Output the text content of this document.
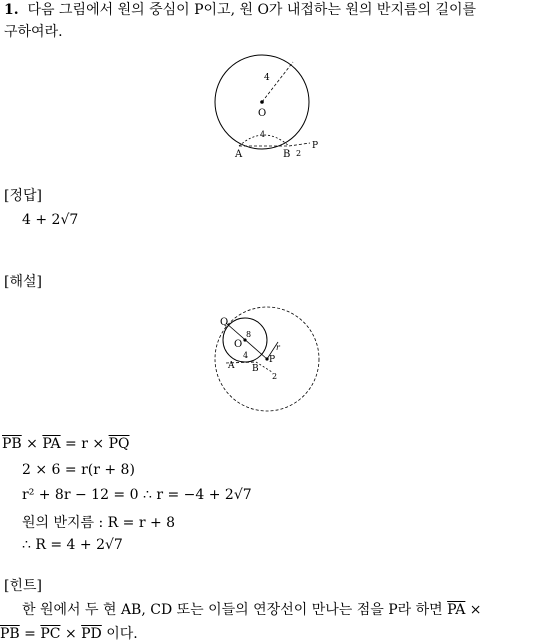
1. 다음 그림에서 원의 중심이 P이고, 원 O가 내접하는 원의 반지름의 길이를
구하여라.
4
O
4
A	B
P
2
[정답]
4 + 2√7
[해설]
Q
O
8
r
4
A B
P
2
$\overline{PB} \times \overline{PA} = r \times \overline{PQ}$
2 × 6 = r(r + 8)
r² + 8r − 12 = 0 ∴ r = −4 + 2√7
원의 반지름 : R = r + 8
∴ R = 4 + 2√7
[힌트]
한 원에서 두 현 AB, CD 또는 이들의 연장선이 만나는 점을 P라 하면 $\overline{PA}$ ×
$\overline{PB} = \overline{PC} \times \overline{PD}$ 이다.
